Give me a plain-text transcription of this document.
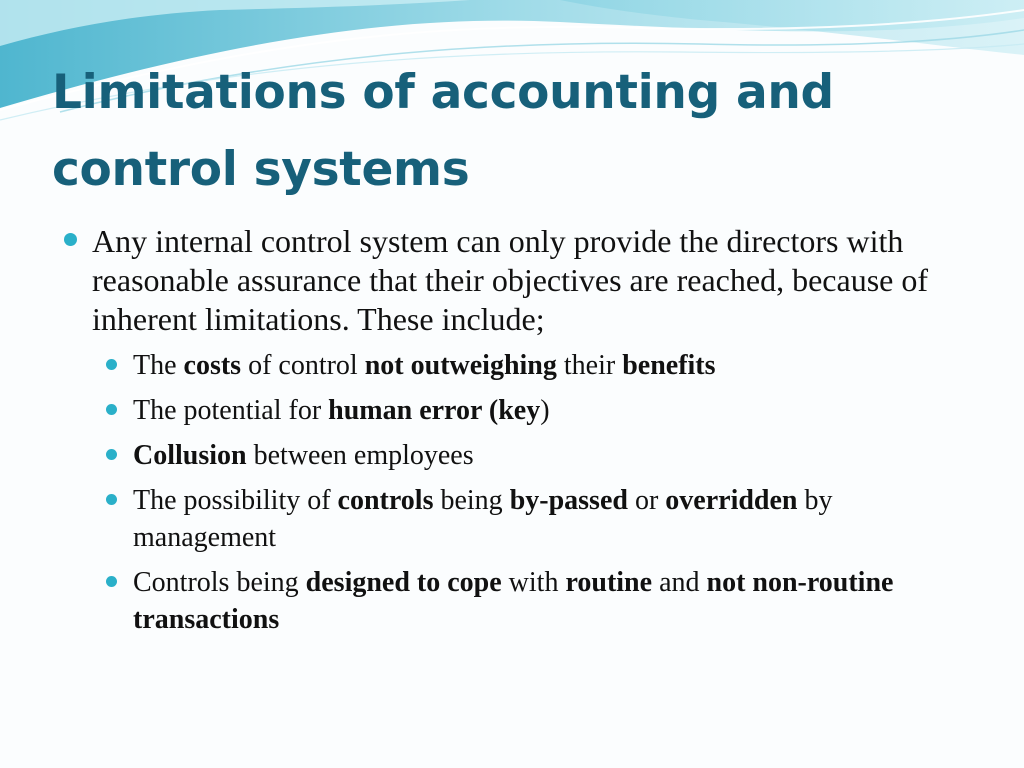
Limitations of accounting and control systems
Any internal control system can only provide the directors with reasonable assurance that their objectives are reached, because of inherent limitations. These include;
The costs of control not outweighing their benefits
The potential for human error (key)
Collusion between employees
The possibility of controls being by-passed or overridden by management
Controls being designed to cope with routine and not non-routine transactions
